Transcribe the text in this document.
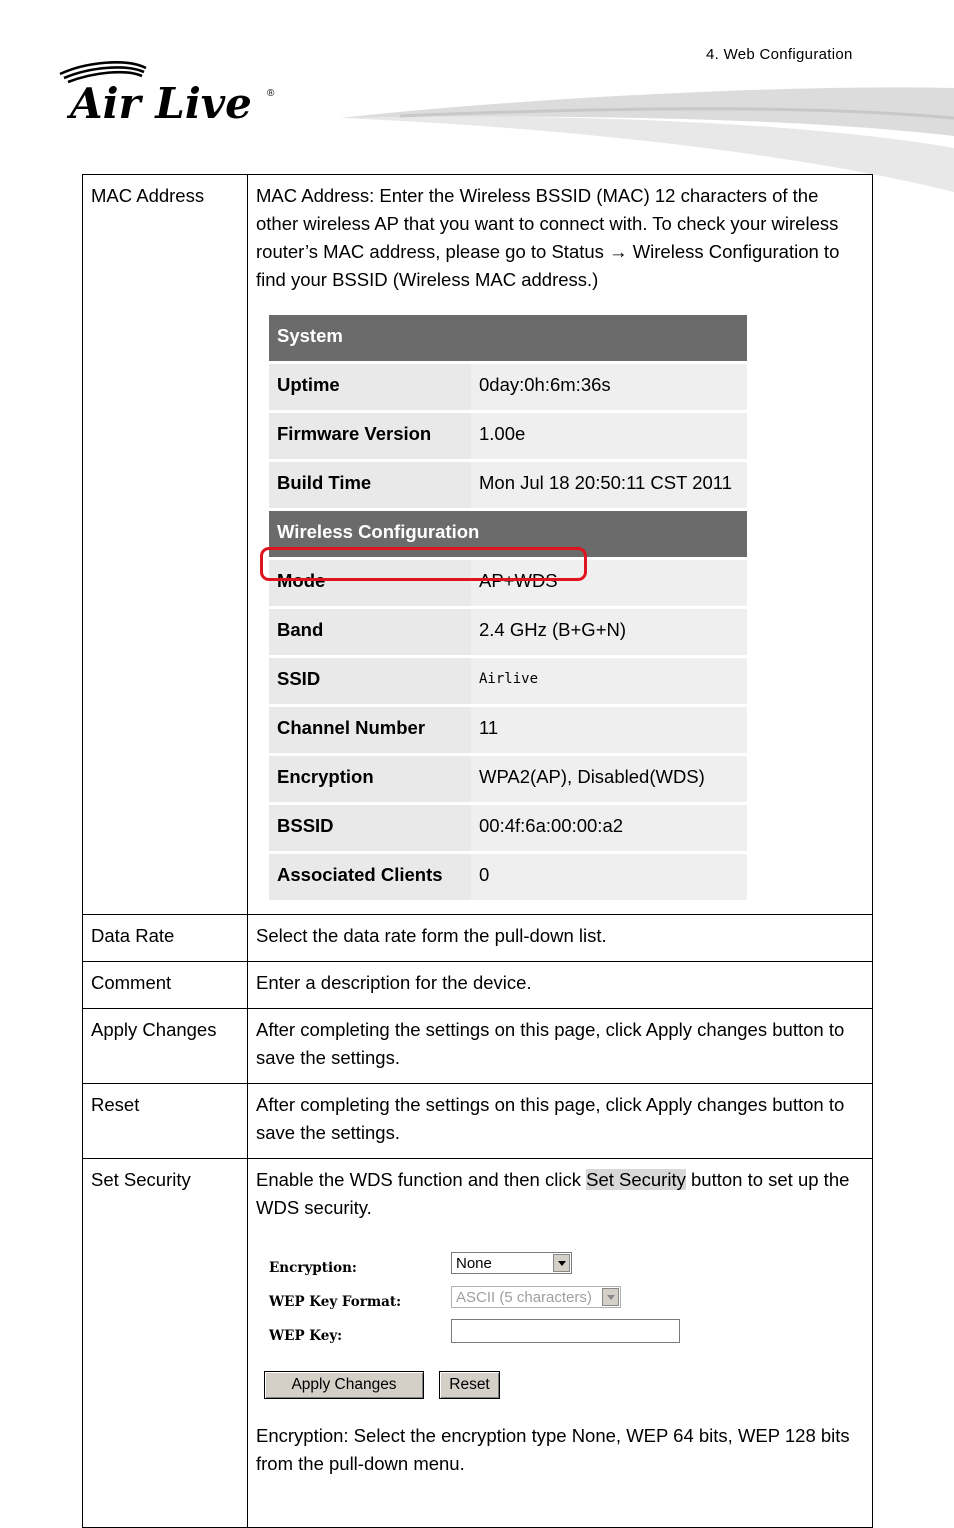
4. Web Configuration
Air Live ®
MAC Address	MAC Address: Enter the Wireless BSSID (MAC) 12 characters of the other wireless AP that you want to connect with. To check your wireless router’s MAC address, please go to Status → Wireless Configuration to find your BSSID (Wireless MAC address.)
System
Uptime	0day:0h:6m:36s
Firmware Version	1.00e
Build Time	Mon Jul 18 20:50:11 CST 2011
Wireless Configuration
Mode	AP+WDS
Band	2.4 GHz (B+G+N)
SSID	Airlive
Channel Number	11
Encryption	WPA2(AP), Disabled(WDS)
BSSID	00:4f:6a:00:00:a2
Associated Clients	0

Data Rate	Select the data rate form the pull-down list.
Comment	Enter a description for the device.
Apply Changes	After completing the settings on this page, click Apply changes button to save the settings.
Reset	After completing the settings on this page, click Apply changes button to save the settings.
Set Security	Enable the WDS function and then click Set Security button to set up the WDS security.
Encryption:	None
WEP Key Format:	ASCII (5 characters)
WEP Key:
Apply Changes	Reset
Encryption: Select the encryption type None, WEP 64 bits, WEP 128 bits from the pull-down menu.
